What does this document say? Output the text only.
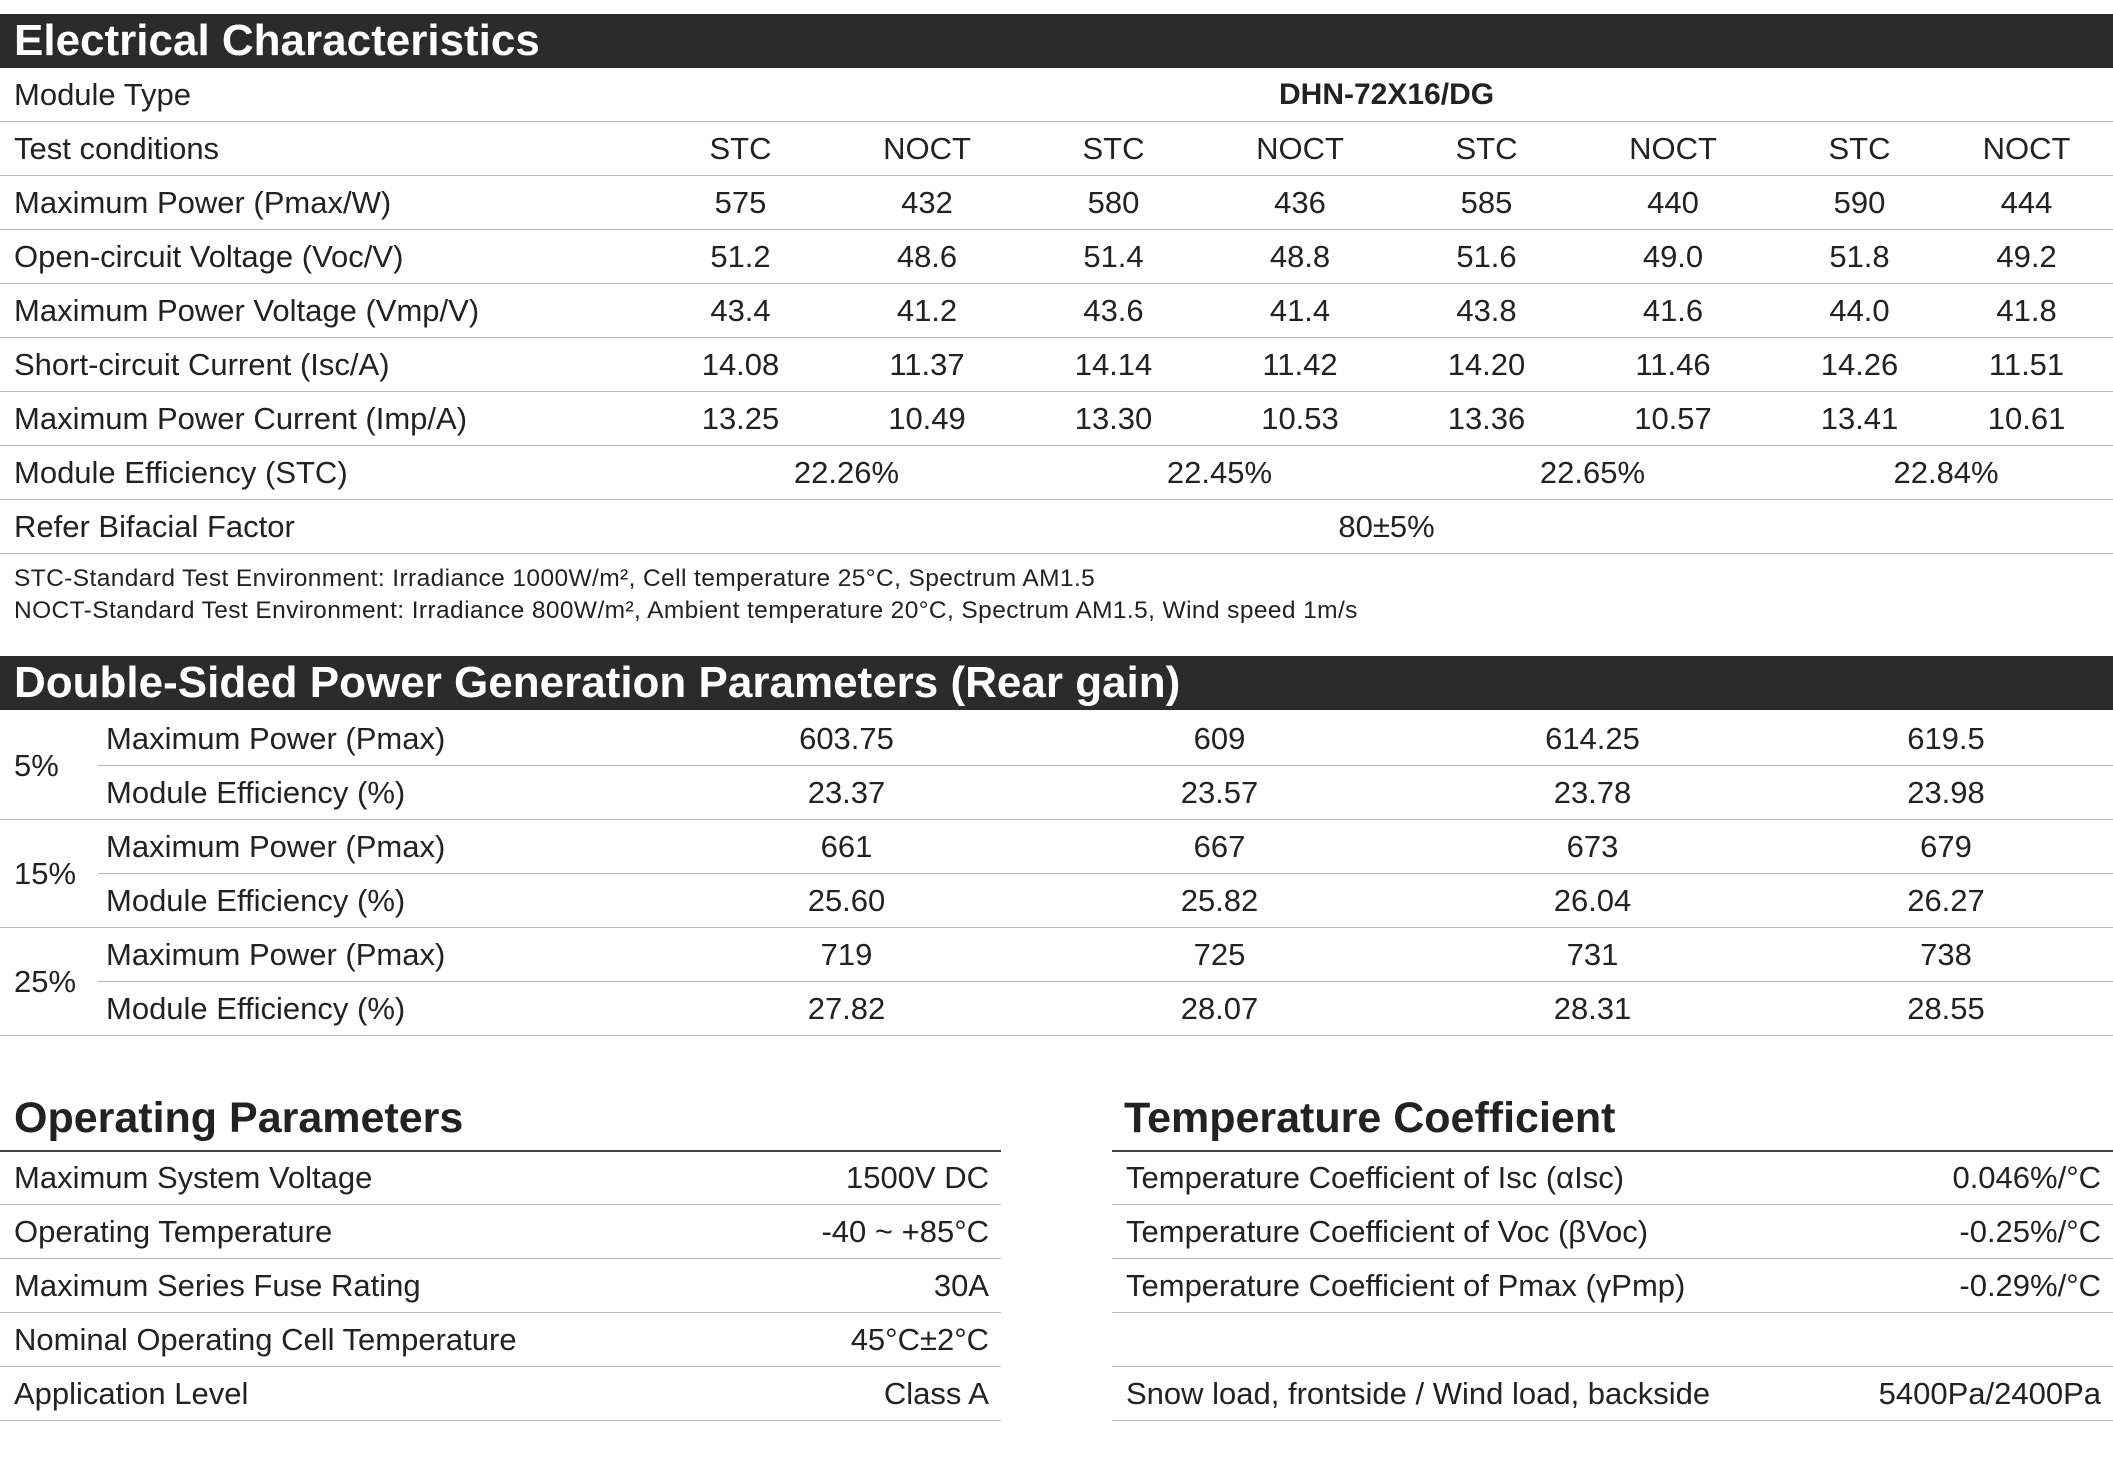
Electrical Characteristics
Module Type	DHN-72X16/DG							
Test conditions	STC	NOCT	STC	NOCT	STC	NOCT	STC	NOCT
Maximum Power (Pmax/W)	575	432	580	436	585	440	590	444
Open-circuit Voltage (Voc/V)	51.2	48.6	51.4	48.8	51.6	49.0	51.8	49.2
Maximum Power Voltage (Vmp/V)	43.4	41.2	43.6	41.4	43.8	41.6	44.0	41.8
Short-circuit Current (Isc/A)	14.08	11.37	14.14	11.42	14.20	11.46	14.26	11.51
Maximum Power Current (Imp/A)	13.25	10.49	13.30	10.53	13.36	10.57	13.41	10.61
Module Efficiency (STC)	22.26%		22.45%		22.65%		22.84%	
Refer Bifacial Factor	80±5%							
STC-Standard Test Environment: Irradiance 1000W/m², Cell temperature 25°C, Spectrum AM1.5
NOCT-Standard Test Environment: Irradiance 800W/m², Ambient temperature 20°C, Spectrum AM1.5, Wind speed 1m/s
Double-Sided Power Generation Parameters (Rear gain)
5%	Maximum Power (Pmax)	603.75	609	614.25	619.5
	Module Efficiency (%)	23.37	23.57	23.78	23.98
15%	Maximum Power (Pmax)	661	667	673	679
	Module Efficiency (%)	25.60	25.82	26.04	26.27
25%	Maximum Power (Pmax)	719	725	731	738
	Module Efficiency (%)	27.82	28.07	28.31	28.55
Operating Parameters
Maximum System Voltage	1500V DC
Operating Temperature	-40 ~ +85°C
Maximum Series Fuse Rating	30A
Nominal Operating Cell Temperature	45°C±2°C
Application Level	Class A
Temperature Coefficient
Temperature Coefficient of Isc (αIsc)	0.046%/°C
Temperature Coefficient of Voc (βVoc)	-0.25%/°C
Temperature Coefficient of Pmax (γPmp)	-0.29%/°C

Snow load, frontside / Wind load, backside	5400Pa/2400Pa
